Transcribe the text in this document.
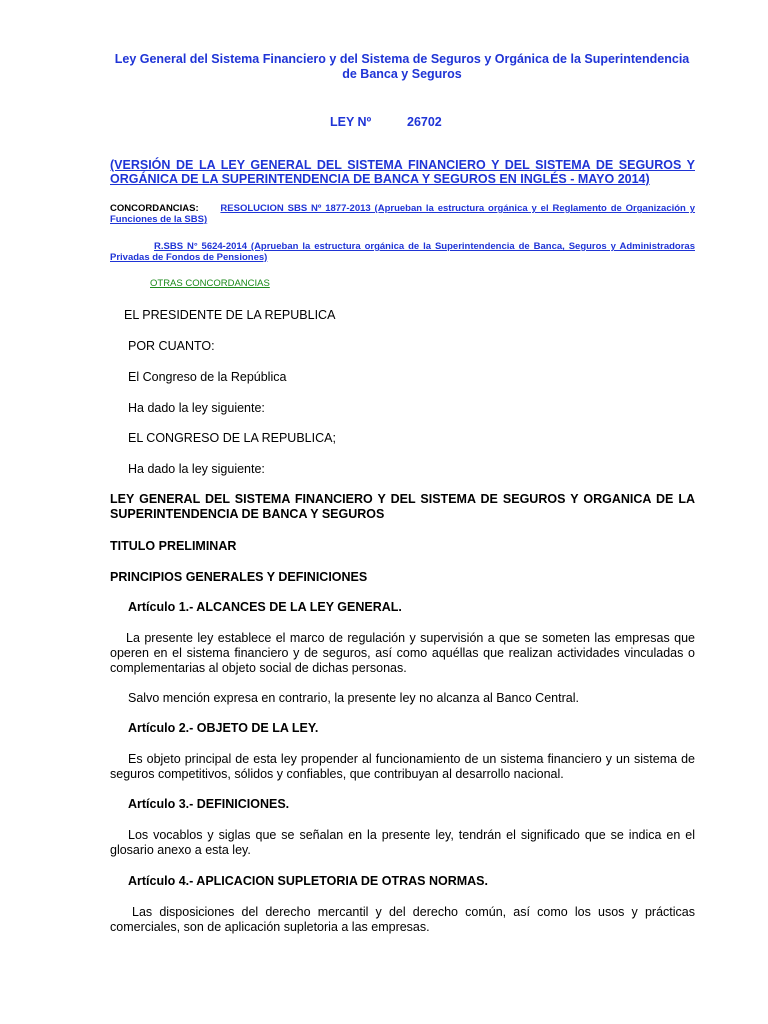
Ley General del Sistema Financiero y del Sistema de Seguros y Orgánica de la Superintendencia de Banca y Seguros
LEY Nº	26702
(VERSIÓN DE LA LEY GENERAL DEL SISTEMA FINANCIERO Y DEL SISTEMA DE SEGUROS Y ORGÁNICA DE LA SUPERINTENDENCIA DE BANCA Y SEGUROS EN INGLÉS - MAYO 2014)
CONCORDANCIAS: RESOLUCION SBS Nº 1877-2013 (Aprueban la estructura orgánica y el Reglamento de Organización y Funciones de la SBS)
R.SBS N° 5624-2014 (Aprueban la estructura orgánica de la Superintendencia de Banca, Seguros y Administradoras Privadas de Fondos de Pensiones)
OTRAS CONCORDANCIAS
EL PRESIDENTE DE LA REPUBLICA
POR CUANTO:
El Congreso de la República
Ha dado la ley siguiente:
EL CONGRESO DE LA REPUBLICA;
Ha dado la ley siguiente:
LEY GENERAL DEL SISTEMA FINANCIERO Y DEL SISTEMA DE SEGUROS Y ORGANICA DE LA SUPERINTENDENCIA DE BANCA Y SEGUROS
TITULO PRELIMINAR
PRINCIPIOS GENERALES Y DEFINICIONES
Artículo 1.- ALCANCES DE LA LEY GENERAL.
La presente ley establece el marco de regulación y supervisión a que se someten las empresas que operen en el sistema financiero y de seguros, así como aquéllas que realizan actividades vinculadas o complementarias al objeto social de dichas personas.
Salvo mención expresa en contrario, la presente ley no alcanza al Banco Central.
Artículo 2.- OBJETO DE LA LEY.
Es objeto principal de esta ley propender al funcionamiento de un sistema financiero y un sistema de seguros competitivos, sólidos y confiables, que contribuyan al desarrollo nacional.
Artículo 3.- DEFINICIONES.
Los vocablos y siglas que se señalan en la presente ley, tendrán el significado que se indica en el glosario anexo a esta ley.
Artículo 4.- APLICACION SUPLETORIA DE OTRAS NORMAS.
Las disposiciones del derecho mercantil y del derecho común, así como los usos y prácticas comerciales, son de aplicación supletoria a las empresas.
